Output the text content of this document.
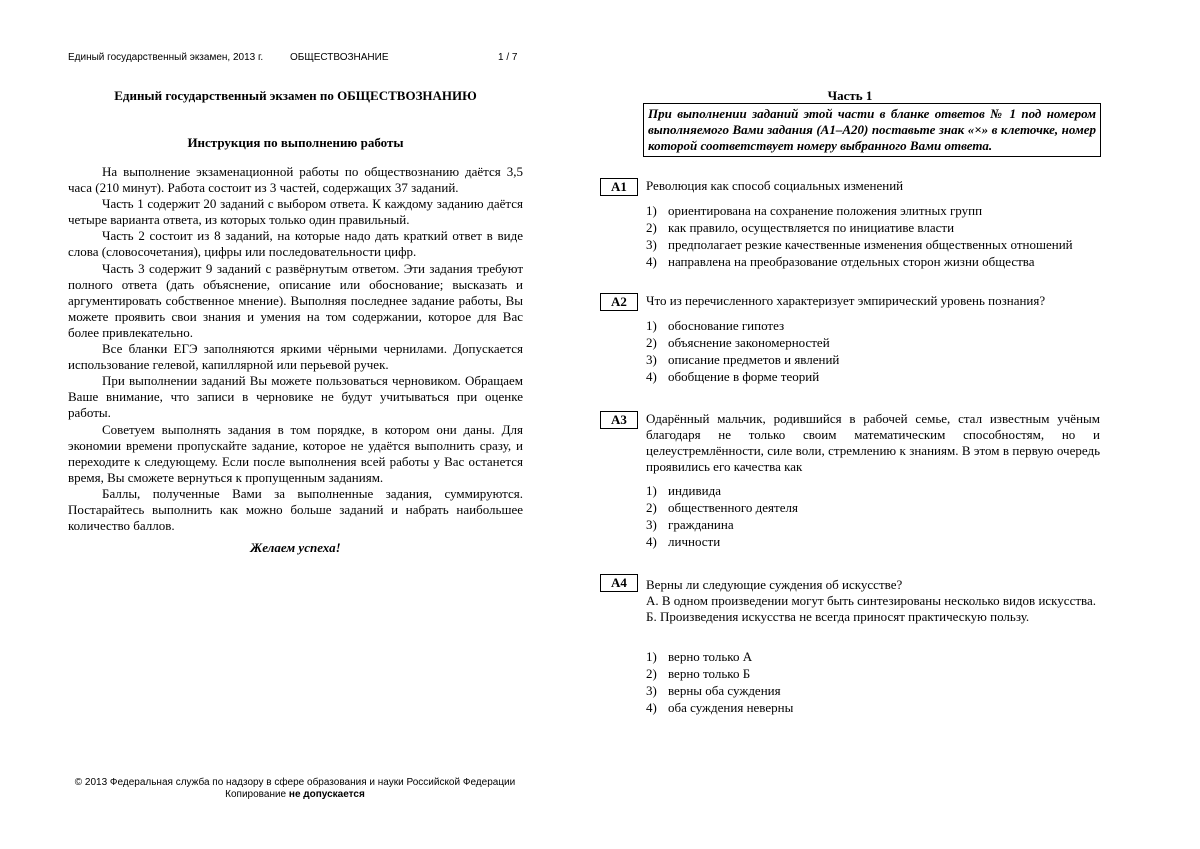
Единый государственный экзамен, 2013 г.	ОБЩЕСТВОЗНАНИЕ	1 / 7
Единый государственный экзамен по ОБЩЕСТВОЗНАНИЮ
Инструкция по выполнению работы

На выполнение экзаменационной работы по обществознанию даётся 3,5 часа (210 минут). Работа состоит из 3 частей, содержащих 37 заданий.

Часть 1 содержит 20 заданий с выбором ответа. К каждому заданию даётся четыре варианта ответа, из которых только один правильный.

Часть 2 состоит из 8 заданий, на которые надо дать краткий ответ в виде слова (словосочетания), цифры или последовательности цифр.

Часть 3 содержит 9 заданий с развёрнутым ответом. Эти задания требуют полного ответа (дать объяснение, описание или обоснование; высказать и аргументировать собственное мнение). Выполняя последнее задание работы, Вы можете проявить свои знания и умения на том содержании, которое для Вас более привлекательно.

Все бланки ЕГЭ заполняются яркими чёрными чернилами. Допускается использование гелевой, капиллярной или перьевой ручек.

При выполнении заданий Вы можете пользоваться черновиком. Обращаем Ваше внимание, что записи в черновике не будут учитываться при оценке работы.

Советуем выполнять задания в том порядке, в котором они даны. Для экономии времени пропускайте задание, которое не удаётся выполнить сразу, и переходите к следующему. Если после выполнения всей работы у Вас останется время, Вы сможете вернуться к пропущенным заданиям.

Баллы, полученные Вами за выполненные задания, суммируются. Постарайтесь выполнить как можно больше заданий и набрать наибольшее количество баллов.

Желаем успеха!
© 2013 Федеральная служба по надзору в сфере образования и науки Российской Федерации
Копирование не допускается
Часть 1
При выполнении заданий этой части в бланке ответов № 1 под номером выполняемого Вами задания (А1–А20) поставьте знак «×» в клеточке, номер которой соответствует номеру выбранного Вами ответа.
А1	Революция как способ социальных изменений
1) ориентирована на сохранение положения элитных групп
2) как правило, осуществляется по инициативе власти
3) предполагает резкие качественные изменения общественных отношений
4) направлена на преобразование отдельных сторон жизни общества
А2	Что из перечисленного характеризует эмпирический уровень познания?
1) обоснование гипотез
2) объяснение закономерностей
3) описание предметов и явлений
4) обобщение в форме теорий
А3	Одарённый мальчик, родившийся в рабочей семье, стал известным учёным благодаря не только своим математическим способностям, но и целеустремлённости, силе воли, стремлению к знаниям. В этом в первую очередь проявились его качества как
1) индивида
2) общественного деятеля
3) гражданина
4) личности
А4	Верны ли следующие суждения об искусстве?
А. В одном произведении могут быть синтезированы несколько видов искусства.
Б. Произведения искусства не всегда приносят практическую пользу.
1) верно только А
2) верно только Б
3) верны оба суждения
4) оба суждения неверны
